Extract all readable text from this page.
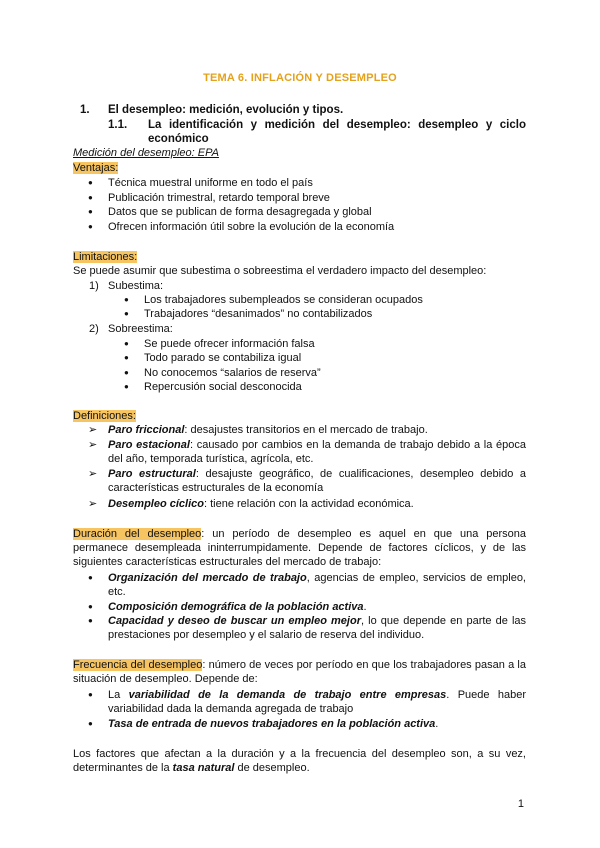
TEMA 6. INFLACIÓN Y DESEMPLEO
1. El desempleo: medición, evolución y tipos.
1.1. La identificación y medición del desempleo: desempleo y ciclo
económico
Medición del desempleo: EPA
Ventajas:
● Técnica muestral uniforme en todo el país
● Publicación trimestral, retardo temporal breve
● Datos que se publican de forma desagregada y global
● Ofrecen información útil sobre la evolución de la economía
Limitaciones:
Se puede asumir que subestima o sobreestima el verdadero impacto del desempleo:
1) Subestima:
● Los trabajadores subempleados se consideran ocupados
● Trabajadores “desanimados” no contabilizados
2) Sobreestima:
● Se puede ofrecer información falsa
● Todo parado se contabiliza igual
● No conocemos “salarios de reserva”
● Repercusión social desconocida
Definiciones:
➢ Paro friccional: desajustes transitorios en el mercado de trabajo.
➢ Paro estacional: causado por cambios en la demanda de trabajo debido a la época
del año, temporada turística, agrícola, etc.
➢ Paro estructural: desajuste geográfico, de cualificaciones, desempleo debido a
características estructurales de la economía
➢ Desempleo cíclico: tiene relación con la actividad económica.
Duración del desempleo: un período de desempleo es aquel en que una persona
permanece desempleada ininterrumpidamente. Depende de factores cíclicos, y de las
siguientes características estructurales del mercado de trabajo:
● Organización del mercado de trabajo, agencias de empleo, servicios de empleo,
etc.
● Composición demográfica de la población activa.
● Capacidad y deseo de buscar un empleo mejor, lo que depende en parte de las
prestaciones por desempleo y el salario de reserva del individuo.
Frecuencia del desempleo: número de veces por período en que los trabajadores pasan a la
situación de desempleo. Depende de:
● La variabilidad de la demanda de trabajo entre empresas. Puede haber
variabilidad dada la demanda agregada de trabajo
● Tasa de entrada de nuevos trabajadores en la población activa.
Los factores que afectan a la duración y a la frecuencia del desempleo son, a su vez,
determinantes de la tasa natural de desempleo.
1
